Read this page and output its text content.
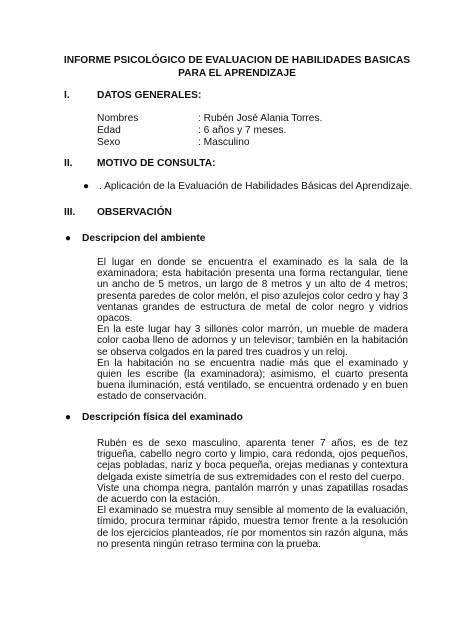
INFORME PSICOLÓGICO DE EVALUACION DE HABILIDADES BASICAS
PARA EL APRENDIZAJE
I.	DATOS GENERALES:
Nombres	: Rubén José Alania Torres.
Edad	: 6 años y 7 meses.
Sexo	: Masculino
II. MOTIVO DE CONSULTA:
● . Aplicación de la Evaluación de Habilidades Básicas del Aprendizaje.
III. OBSERVACIÓN
● Descripcion del ambiente

El lugar en donde se encuentra el examinado es la sala de la examinadora; esta habitación presenta una forma rectangular, tiene un ancho de 5 metros, un largo de 8 metros y un alto de 4 metros; presenta paredes de color melón, el piso azulejos color cedro y hay 3 ventanas grandes de estructura de metal de color negro y vidrios opacos.

En la este lugar hay 3 sillones color marrón, un mueble de madera color caoba lleno de adornos y un televisor; también en la habitación se observa colgados en la pared tres cuadros y un reloj.

En la habitación no se encuentra nadie más que el examinado y quien les escribe (la examinadora); asimismo, el cuarto presenta buena iluminación, está ventilado, se encuentra ordenado y en buen estado de conservación.

● Descripción física del examinado

Rubén es de sexo masculino, aparenta tener 7 años, es de tez trigueña, cabello negro corto y limpio, cara redonda, ojos pequeños, cejas pobladas, nariz y boca pequeña, orejas medianas y contextura delgada existe simetría de sus extremidades con el resto del cuerpo.

Viste una chompa negra, pantalón marrón y unas zapatillas rosadas de acuerdo con la estación.

El examinado se muestra muy sensible al momento de la evaluación, tímido, procura terminar rápido, muestra temor frente a la resolución de los ejercicios planteados, ríe por momentos sin razón alguna, más no presenta ningún retraso termina con la prueba.
